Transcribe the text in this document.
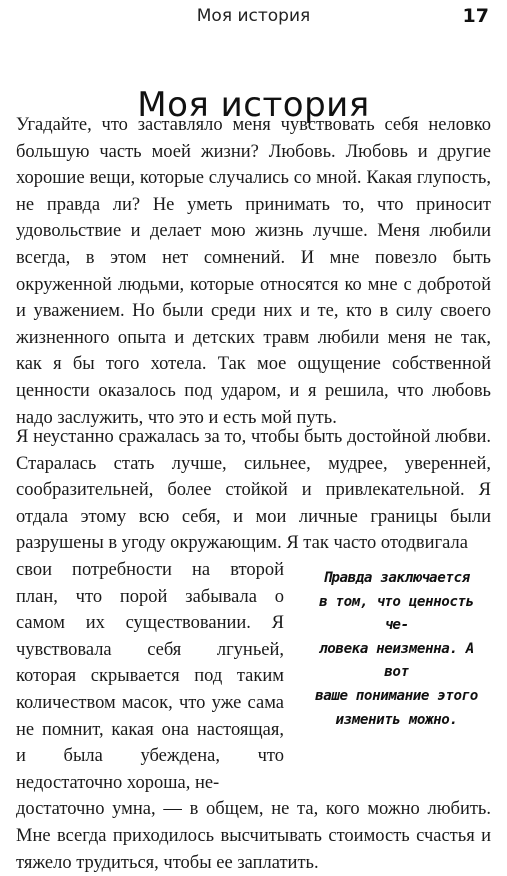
Моя история	17
Моя история

Угадайте, что заставляло меня чувствовать себя неловко большую часть моей жизни? Любовь. Любовь и другие хорошие вещи, которые случались со мной. Какая глупость, не правда ли? Не уметь принимать то, что приносит удовольствие и делает мою жизнь лучше. Меня любили всегда, в этом нет сомнений. И мне повезло быть окруженной людьми, которые относятся ко мне с добротой и уважением. Но были среди них и те, кто в силу своего жизненного опыта и детских травм любили меня не так, как я бы того хотела. Так мое ощущение собственной ценности оказалось под ударом, и я решила, что любовь надо заслужить, что это и есть мой путь.

Я неустанно сражалась за то, чтобы быть достойной любви. Старалась стать лучше, сильнее, мудрее, уверенней, сообразительней, более стойкой и привлекательной. Я отдала этому всю себя, и мои личные границы были разрушены в угоду окружающим. Я так часто отодвигала
свои потребности на второй план, что порой забывала о самом их существовании. Я чувствовала себя лгуньей, которая скрывается под таким количеством масок, что уже сама не помнит, какая она настоящая, и была убеждена, что недостаточно хороша, не-
достаточно умна, — в общем, не та, кого можно любить. Мне всегда приходилось высчитывать стоимость счастья и тяжело трудиться, чтобы ее заплатить.
Правда заключается
в том, что ценность че-
ловека неизменна. А вот
ваше понимание этого
изменить можно.
